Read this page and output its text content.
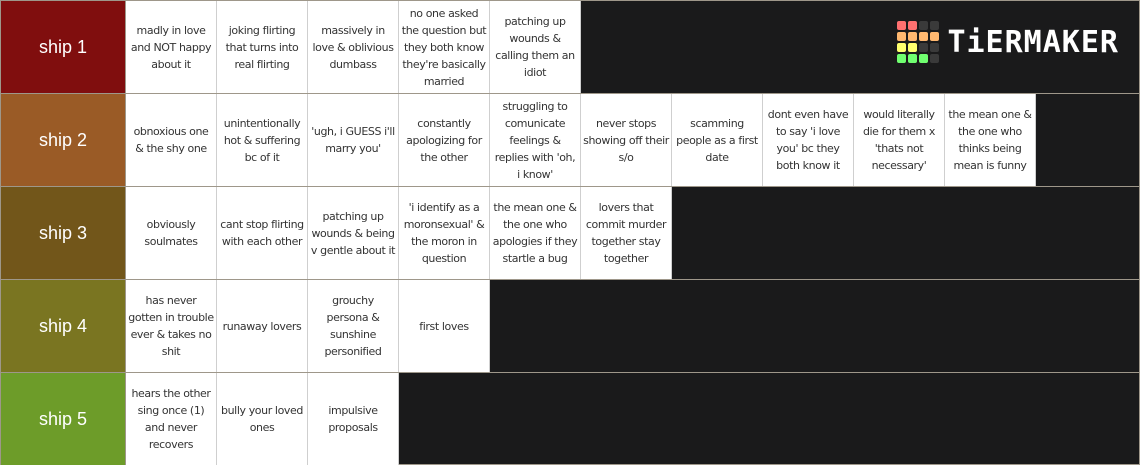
ship 1
madly in love and NOT happy about it
joking flirting that turns into real flirting
massively in love & oblivious dumbass
no one asked the question but they both know they're basically married
patching up wounds & calling them an idiot
ship 2	obnoxious one & the shy one
unintentionally hot & suffering bc of it
'ugh, i GUESS i'll marry you'
constantly apologizing for the other
struggling to comunicate feelings & replies with 'oh, i know'
never stops showing off their s/o
scamming people as a first date
dont even have to say 'i love you' bc they both know it
would literally die for them x 'thats not necessary'
the mean one & the one who thinks being mean is funny
ship 3	obviously soulmates
cant stop flirting with each other
patching up wounds & being v gentle about it
'i identify as a moronsexual' & the moron in question
the mean one & the one who apologies if they startle a bug
lovers that commit murder together stay together
ship 4
has never gotten in trouble ever & takes no shit
runaway lovers
grouchy persona & sunshine personified
first loves
ship 5
hears the other sing once (1) and never recovers
bully your loved ones
impulsive proposals
TiERMAKER
